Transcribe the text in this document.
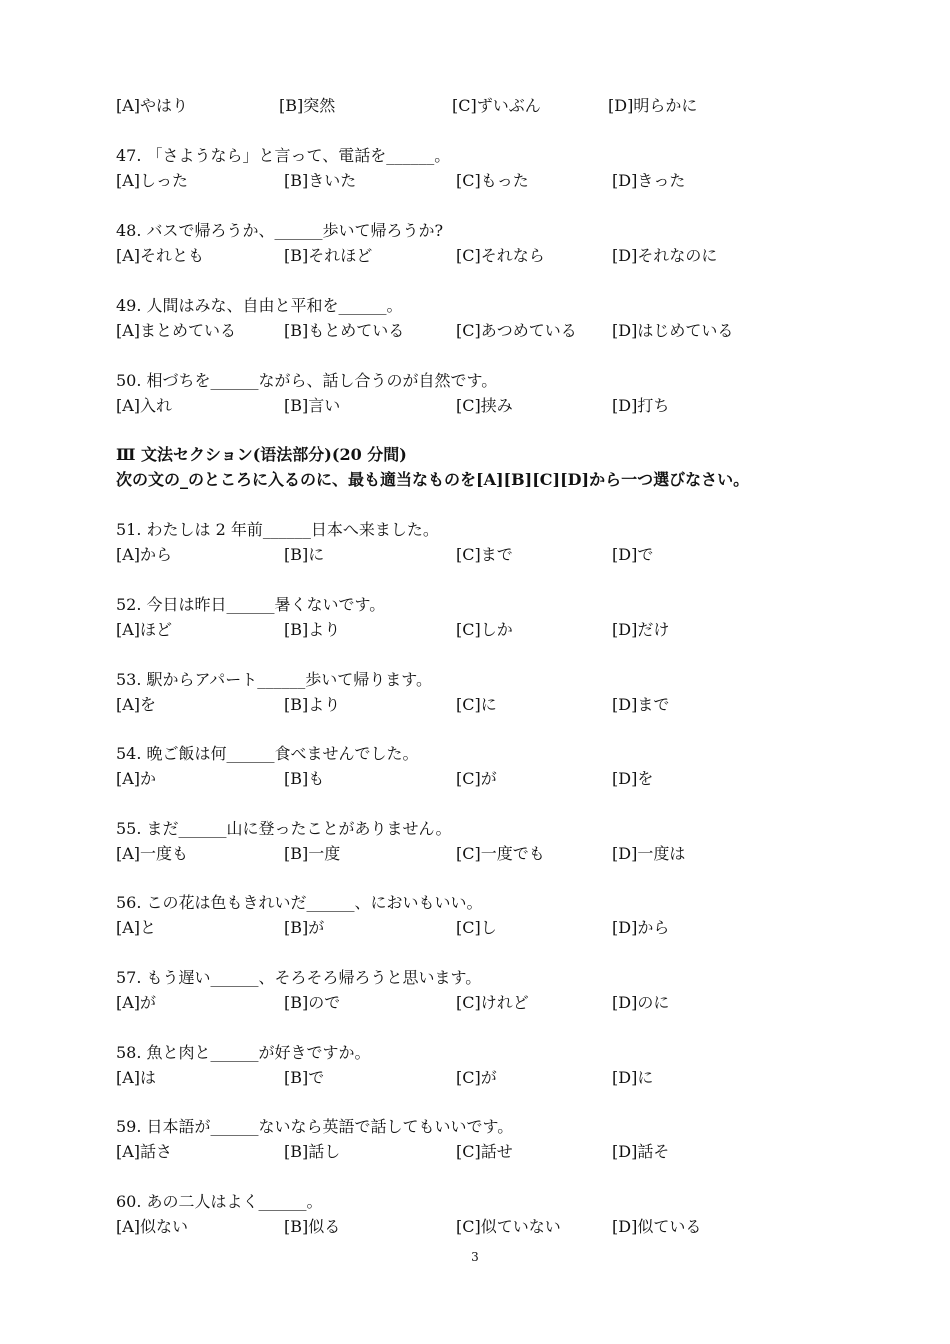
[A]やはり	[B]突然	[C]ずいぶん	[D]明らかに
47. 「さようなら」と言って、電話を______。
[A]しった	[B]きいた	[C]もった	[D]きった
48. バスで帰ろうか、______歩いて帰ろうか?
[A]それとも	[B]それほど	[C]それなら	[D]それなのに
49. 人間はみな、自由と平和を______。
[A]まとめている	[B]もとめている	[C]あつめている [D]はじめている
50. 相づちを______ながら、話し合うのが自然です。
[A]入れ	[B]言い	[C]挟み	[D]打ち
Ⅲ 文法セクション(语法部分)(20 分間)
次の文の_のところに入るのに、最も適当なものを[A][B][C][D]から一つ選びなさい。
51. わたしは 2 年前______日本へ来ました。
[A]から	[B]に	[C]まで	[D]で
52. 今日は昨日______暑くないです。
[A]ほど	[B]より	[C]しか	[D]だけ
53. 駅からアパート______歩いて帰ります。
[A]を	[B]より	[C]に	[D]まで
54. 晩ご飯は何______食べませんでした。
[A]か	[B]も	[C]が	[D]を
55. まだ______山に登ったことがありません。
[A]一度も	[B]一度	[C]一度でも	[D]一度は
56. この花は色もきれいだ______、においもいい。
[A]と	[B]が	[C]し	[D]から
57. もう遅い______、そろそろ帰ろうと思います。
[A]が	[B]ので	[C]けれど	[D]のに
58. 魚と肉と______が好きですか。
[A]は	[B]で	[C]が	[D]に
59. 日本語が______ないなら英語で話してもいいです。
[A]話さ	[B]話し	[C]話せ	[D]話そ
60. あの二人はよく______。
[A]似ない	[B]似る	[C]似ていない	[D]似ている
3
